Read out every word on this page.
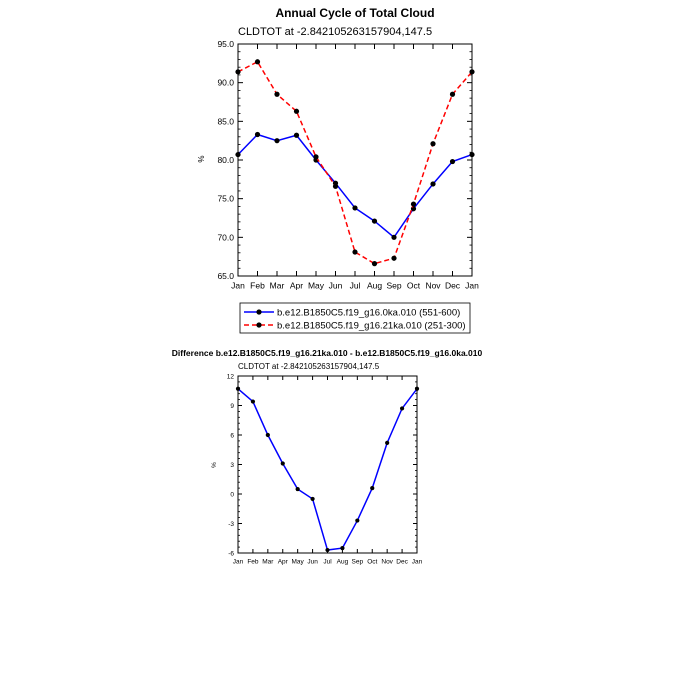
Annual Cycle of Total Cloud
CLDTOT at -2.842105263157904,147.5
%
Jan Feb Mar Apr May Jun Jul Aug Sep Oct Nov Dec Jan
65.0
70.0
75.0
80.0
85.0
90.0
95.0
b.e12.B1850C5.f19_g16.0ka.010 (551-600)
b.e12.B1850C5.f19_g16.21ka.010 (251-300)
Difference b.e12.B1850C5.f19_g16.21ka.010 - b.e12.B1850C5.f19_g16.0ka.010
CLDTOT at -2.842105263157904,147.5
%
Jan Feb Mar Apr May Jun Jul Aug Sep Oct Nov Dec Jan
-6
-3
0
3
6
9
12
